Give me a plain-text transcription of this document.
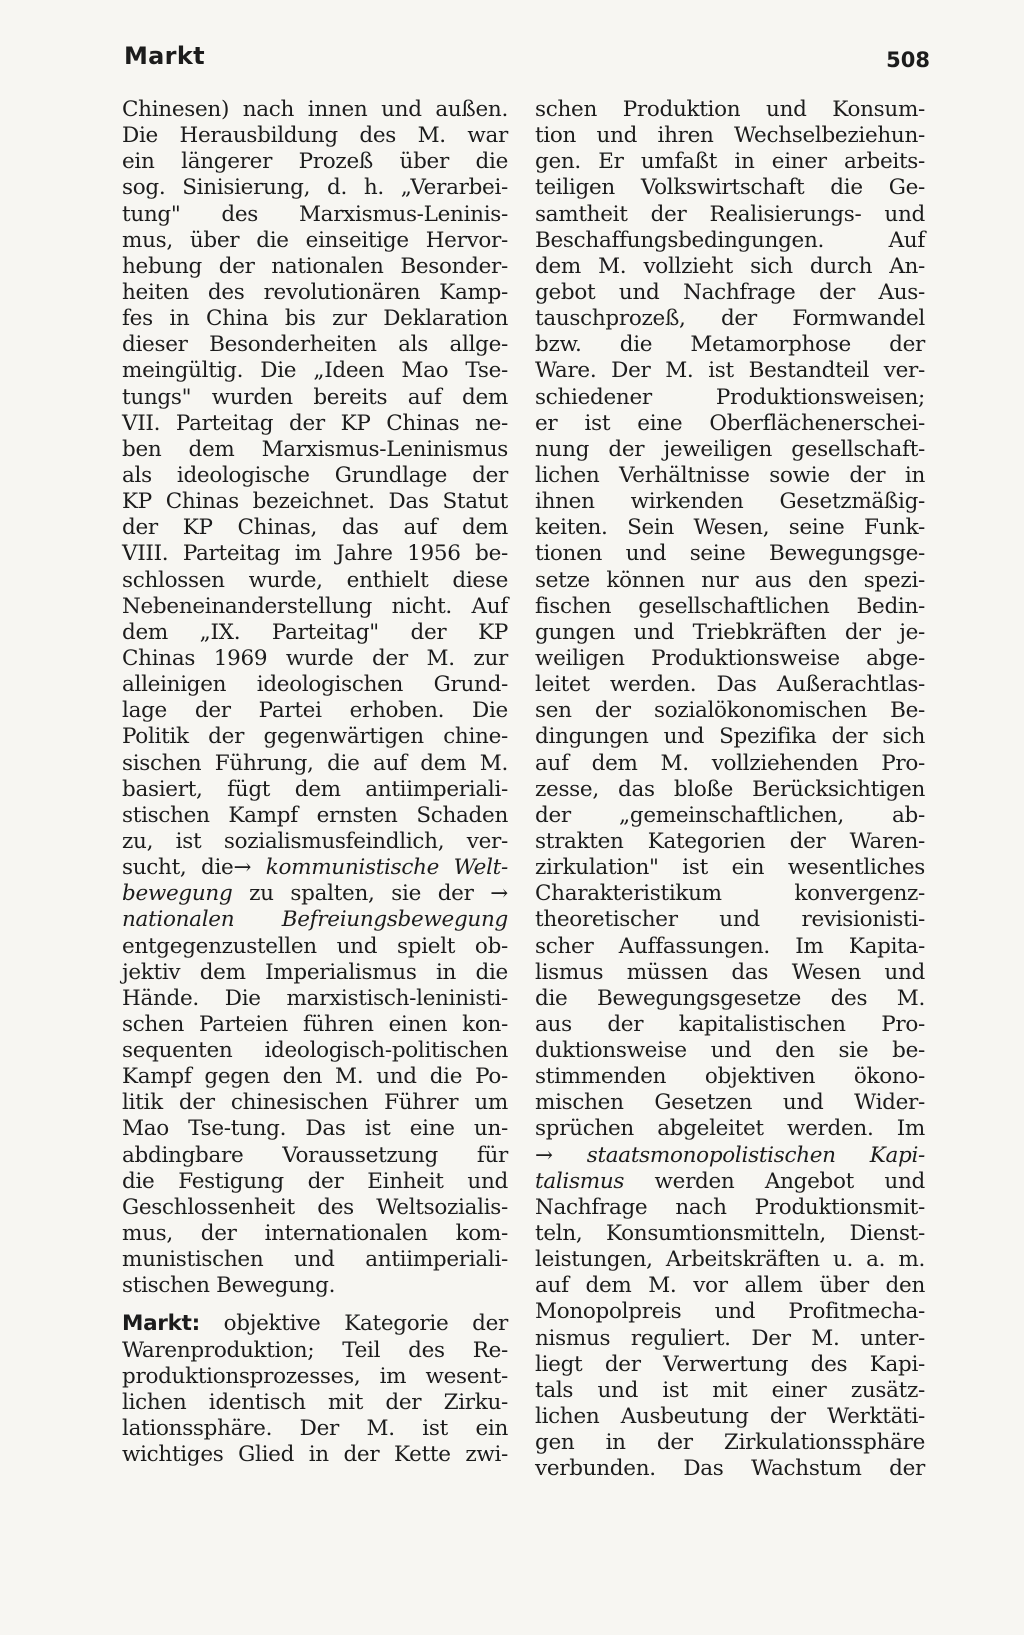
Markt	508
Chinesen) nach innen und außen.
Die Herausbildung des M. war
ein längerer Prozeß über die
sog. Sinisierung, d. h. „Verarbei-
tung" des Marxismus-Leninis-
mus, über die einseitige Hervor-
hebung der nationalen Besonder-
heiten des revolutionären Kamp-
fes in China bis zur Deklaration
dieser Besonderheiten als allge-
meingültig. Die „Ideen Mao Tse-
tungs" wurden bereits auf dem
VII. Parteitag der KP Chinas ne-
ben dem Marxismus-Leninismus
als ideologische Grundlage der
KP Chinas bezeichnet. Das Statut
der KP Chinas, das auf dem
VIII. Parteitag im Jahre 1956 be-
schlossen wurde, enthielt diese
Nebeneinanderstellung nicht. Auf
dem „IX. Parteitag" der KP
Chinas 1969 wurde der M. zur
alleinigen ideologischen Grund-
lage der Partei erhoben. Die
Politik der gegenwärtigen chine-
sischen Führung, die auf dem M.
basiert, fügt dem antiimperiali-
stischen Kampf ernsten Schaden
zu, ist sozialismusfeindlich, ver-
sucht, die→ kommunistische Welt-
bewegung zu spalten, sie der →
nationalen Befreiungsbewegung
entgegenzustellen und spielt ob-
jektiv dem Imperialismus in die
Hände. Die marxistisch-leninisti-
schen Parteien führen einen kon-
sequenten ideologisch-politischen
Kampf gegen den M. und die Po-
litik der chinesischen Führer um
Mao Tse-tung. Das ist eine un-
abdingbare Voraussetzung für
die Festigung der Einheit und
Geschlossenheit des Weltsozialis-
mus, der internationalen kom-
munistischen und antiimperiali-
stischen Bewegung.
Markt: objektive Kategorie der
Warenproduktion; Teil des Re-
produktionsprozesses, im wesent-
lichen identisch mit der Zirku-
lationssphäre. Der M. ist ein
wichtiges Glied in der Kette zwi-
schen Produktion und Konsum-
tion und ihren Wechselbeziehun-
gen. Er umfaßt in einer arbeits-
teiligen Volkswirtschaft die Ge-
samtheit der Realisierungs- und
Beschaffungsbedingungen. Auf
dem M. vollzieht sich durch An-
gebot und Nachfrage der Aus-
tauschprozeß, der Formwandel
bzw. die Metamorphose der
Ware. Der M. ist Bestandteil ver-
schiedener Produktionsweisen;
er ist eine Oberflächenerschei-
nung der jeweiligen gesellschaft-
lichen Verhältnisse sowie der in
ihnen wirkenden Gesetzmäßig-
keiten. Sein Wesen, seine Funk-
tionen und seine Bewegungsge-
setze können nur aus den spezi-
fischen gesellschaftlichen Bedin-
gungen und Triebkräften der je-
weiligen Produktionsweise abge-
leitet werden. Das Außerachtlas-
sen der sozialökonomischen Be-
dingungen und Spezifika der sich
auf dem M. vollziehenden Pro-
zesse, das bloße Berücksichtigen
der „gemeinschaftlichen, ab-
strakten Kategorien der Waren-
zirkulation" ist ein wesentliches
Charakteristikum konvergenz-
theoretischer und revisionisti-
scher Auffassungen. Im Kapita-
lismus müssen das Wesen und
die Bewegungsgesetze des M.
aus der kapitalistischen Pro-
duktionsweise und den sie be-
stimmenden objektiven ökono-
mischen Gesetzen und Wider-
sprüchen abgeleitet werden. Im
→ staatsmonopolistischen Kapi-
talismus werden Angebot und
Nachfrage nach Produktionsmit-
teln, Konsumtionsmitteln, Dienst-
leistungen, Arbeitskräften u. a. m.
auf dem M. vor allem über den
Monopolpreis und Profitmecha-
nismus reguliert. Der M. unter-
liegt der Verwertung des Kapi-
tals und ist mit einer zusätz-
lichen Ausbeutung der Werktäti-
gen in der Zirkulationssphäre
verbunden. Das Wachstum der
